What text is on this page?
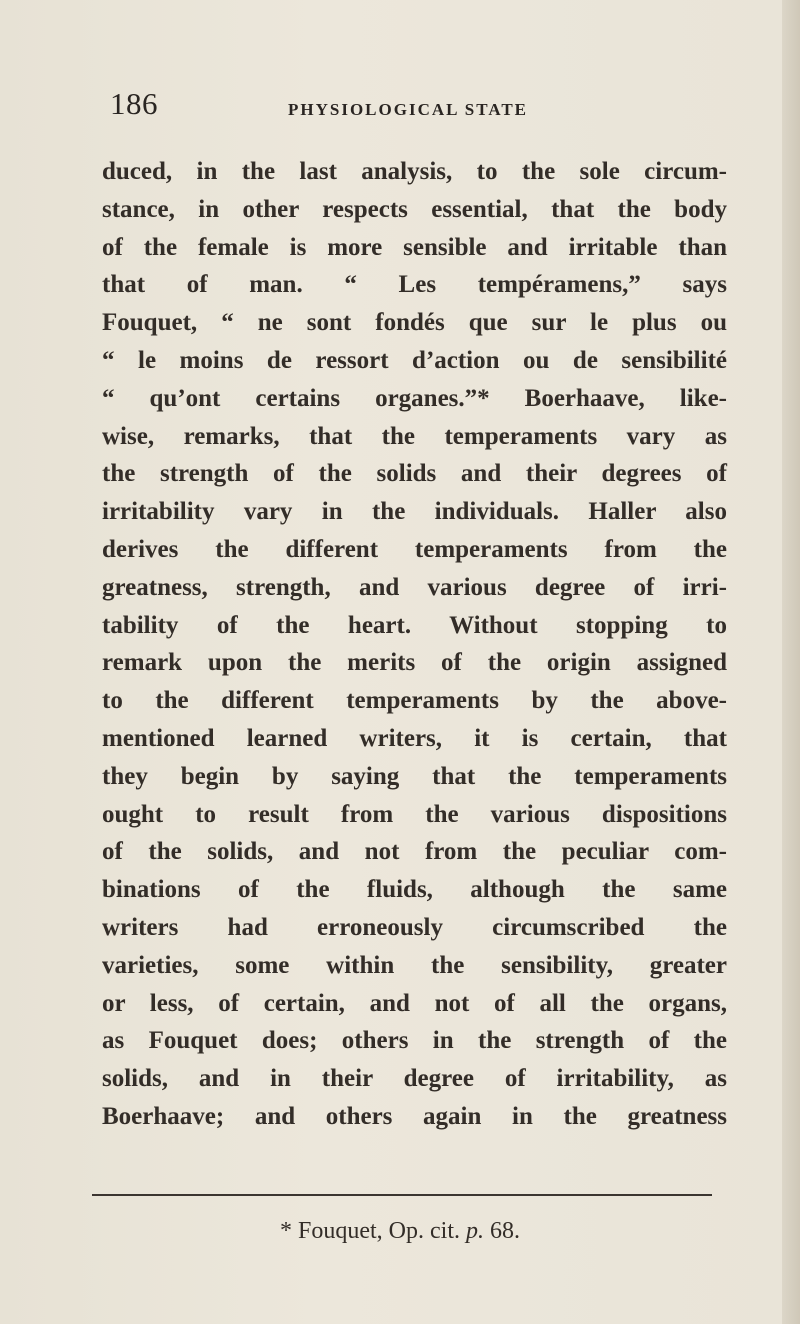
186	PHYSIOLOGICAL STATE
duced, in the last analysis, to the sole circum-
stance, in other respects essential, that the body
of the female is more sensible and irritable than
that of man. “ Les tempéramens,” says
Fouquet, “ ne sont fondés que sur le plus ou
“ le moins de ressort d’action ou de sensibilité
“ qu’ont certains organes.”* Boerhaave, like-
wise, remarks, that the temperaments vary as
the strength of the solids and their degrees of
irritability vary in the individuals. Haller also
derives the different temperaments from the
greatness, strength, and various degree of irri-
tability of the heart. Without stopping to
remark upon the merits of the origin assigned
to the different temperaments by the above-
mentioned learned writers, it is certain, that
they begin by saying that the temperaments
ought to result from the various dispositions
of the solids, and not from the peculiar com-
binations of the fluids, although the same
writers had erroneously circumscribed the
varieties, some within the sensibility, greater
or less, of certain, and not of all the organs,
as Fouquet does; others in the strength of the
solids, and in their degree of irritability, as
Boerhaave; and others again in the greatness
* Fouquet, Op. cit. p. 68.
